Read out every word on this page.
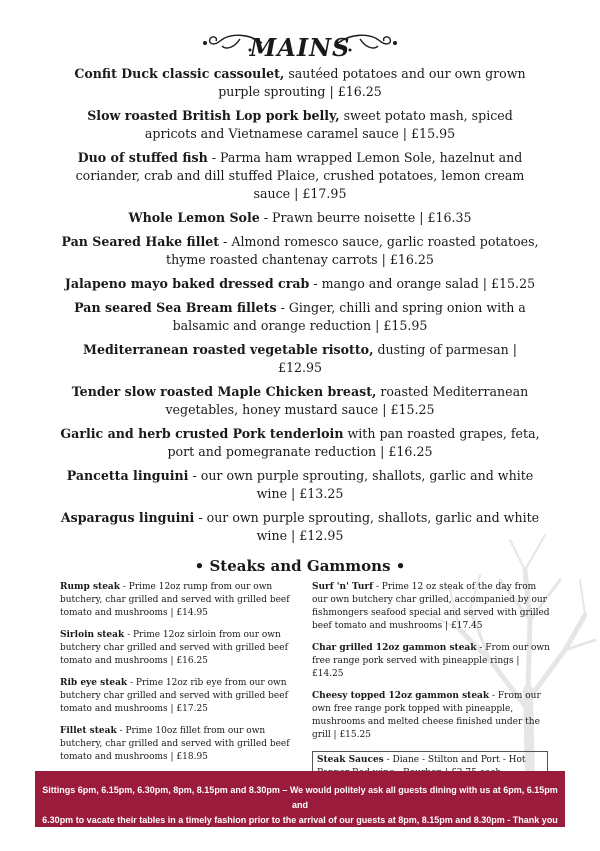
MAINS
Confit Duck classic cassoulet, sautéed potatoes and our own grown purple sprouting | £16.25
Slow roasted British Lop pork belly, sweet potato mash, spiced apricots and Vietnamese caramel sauce | £15.95
Duo of stuffed fish - Parma ham wrapped Lemon Sole, hazelnut and coriander, crab and dill stuffed Plaice, crushed potatoes, lemon cream sauce | £17.95
Whole Lemon Sole - Prawn beurre noisette | £16.35
Pan Seared Hake fillet - Almond romesco sauce, garlic roasted potatoes, thyme roasted chantenay carrots | £16.25
Jalapeno mayo baked dressed crab - mango and orange salad | £15.25
Pan seared Sea Bream fillets - Ginger, chilli and spring onion with a balsamic and orange reduction | £15.95
Mediterranean roasted vegetable risotto, dusting of parmesan | £12.95
Tender slow roasted Maple Chicken breast, roasted Mediterranean vegetables, honey mustard sauce | £15.25
Garlic and herb crusted Pork tenderloin with pan roasted grapes, feta, port and pomegranate reduction | £16.25
Pancetta linguini - our own purple sprouting, shallots, garlic and white wine | £13.25
Asparagus linguini - our own purple sprouting, shallots, garlic and white wine | £12.95
• Steaks and Gammons •
Rump steak - Prime 12oz rump from our own butchery, char grilled and served with grilled beef tomato and mushrooms | £14.95
Sirloin steak - Prime 12oz sirloin from our own butchery char grilled and served with grilled beef tomato and mushrooms | £16.25
Rib eye steak - Prime 12oz rib eye from our own butchery char grilled and served with grilled beef tomato and mushrooms | £17.25
Fillet steak - Prime 10oz fillet from our own butchery, char grilled and served with grilled beef tomato and mushrooms | £18.95
Surf 'n' Turf - Prime 12 oz steak of the day from our own butchery char grilled, accompanied by our fishmongers seafood special and served with grilled beef tomato and mushrooms | £17.45
Char grilled 12oz gammon steak - From our own free range pork served with pineapple rings | £14.25
Cheesy topped 12oz gammon steak - From our own free range pork topped with pineapple, mushrooms and melted cheese finished under the grill | £15.25
Steak Sauces - Diane - Stilton and Port - Hot
Sittings 6pm, 6.15pm, 6.30pm, 8pm, 8.15pm and 8.30pm – We would politely ask all guests dining with us at 6pm, 6.15pm and
6.30pm to vacate their tables in a timely fashion prior to the arrival of our guests at 8pm, 8.15pm and 8.30pm - Thank you
